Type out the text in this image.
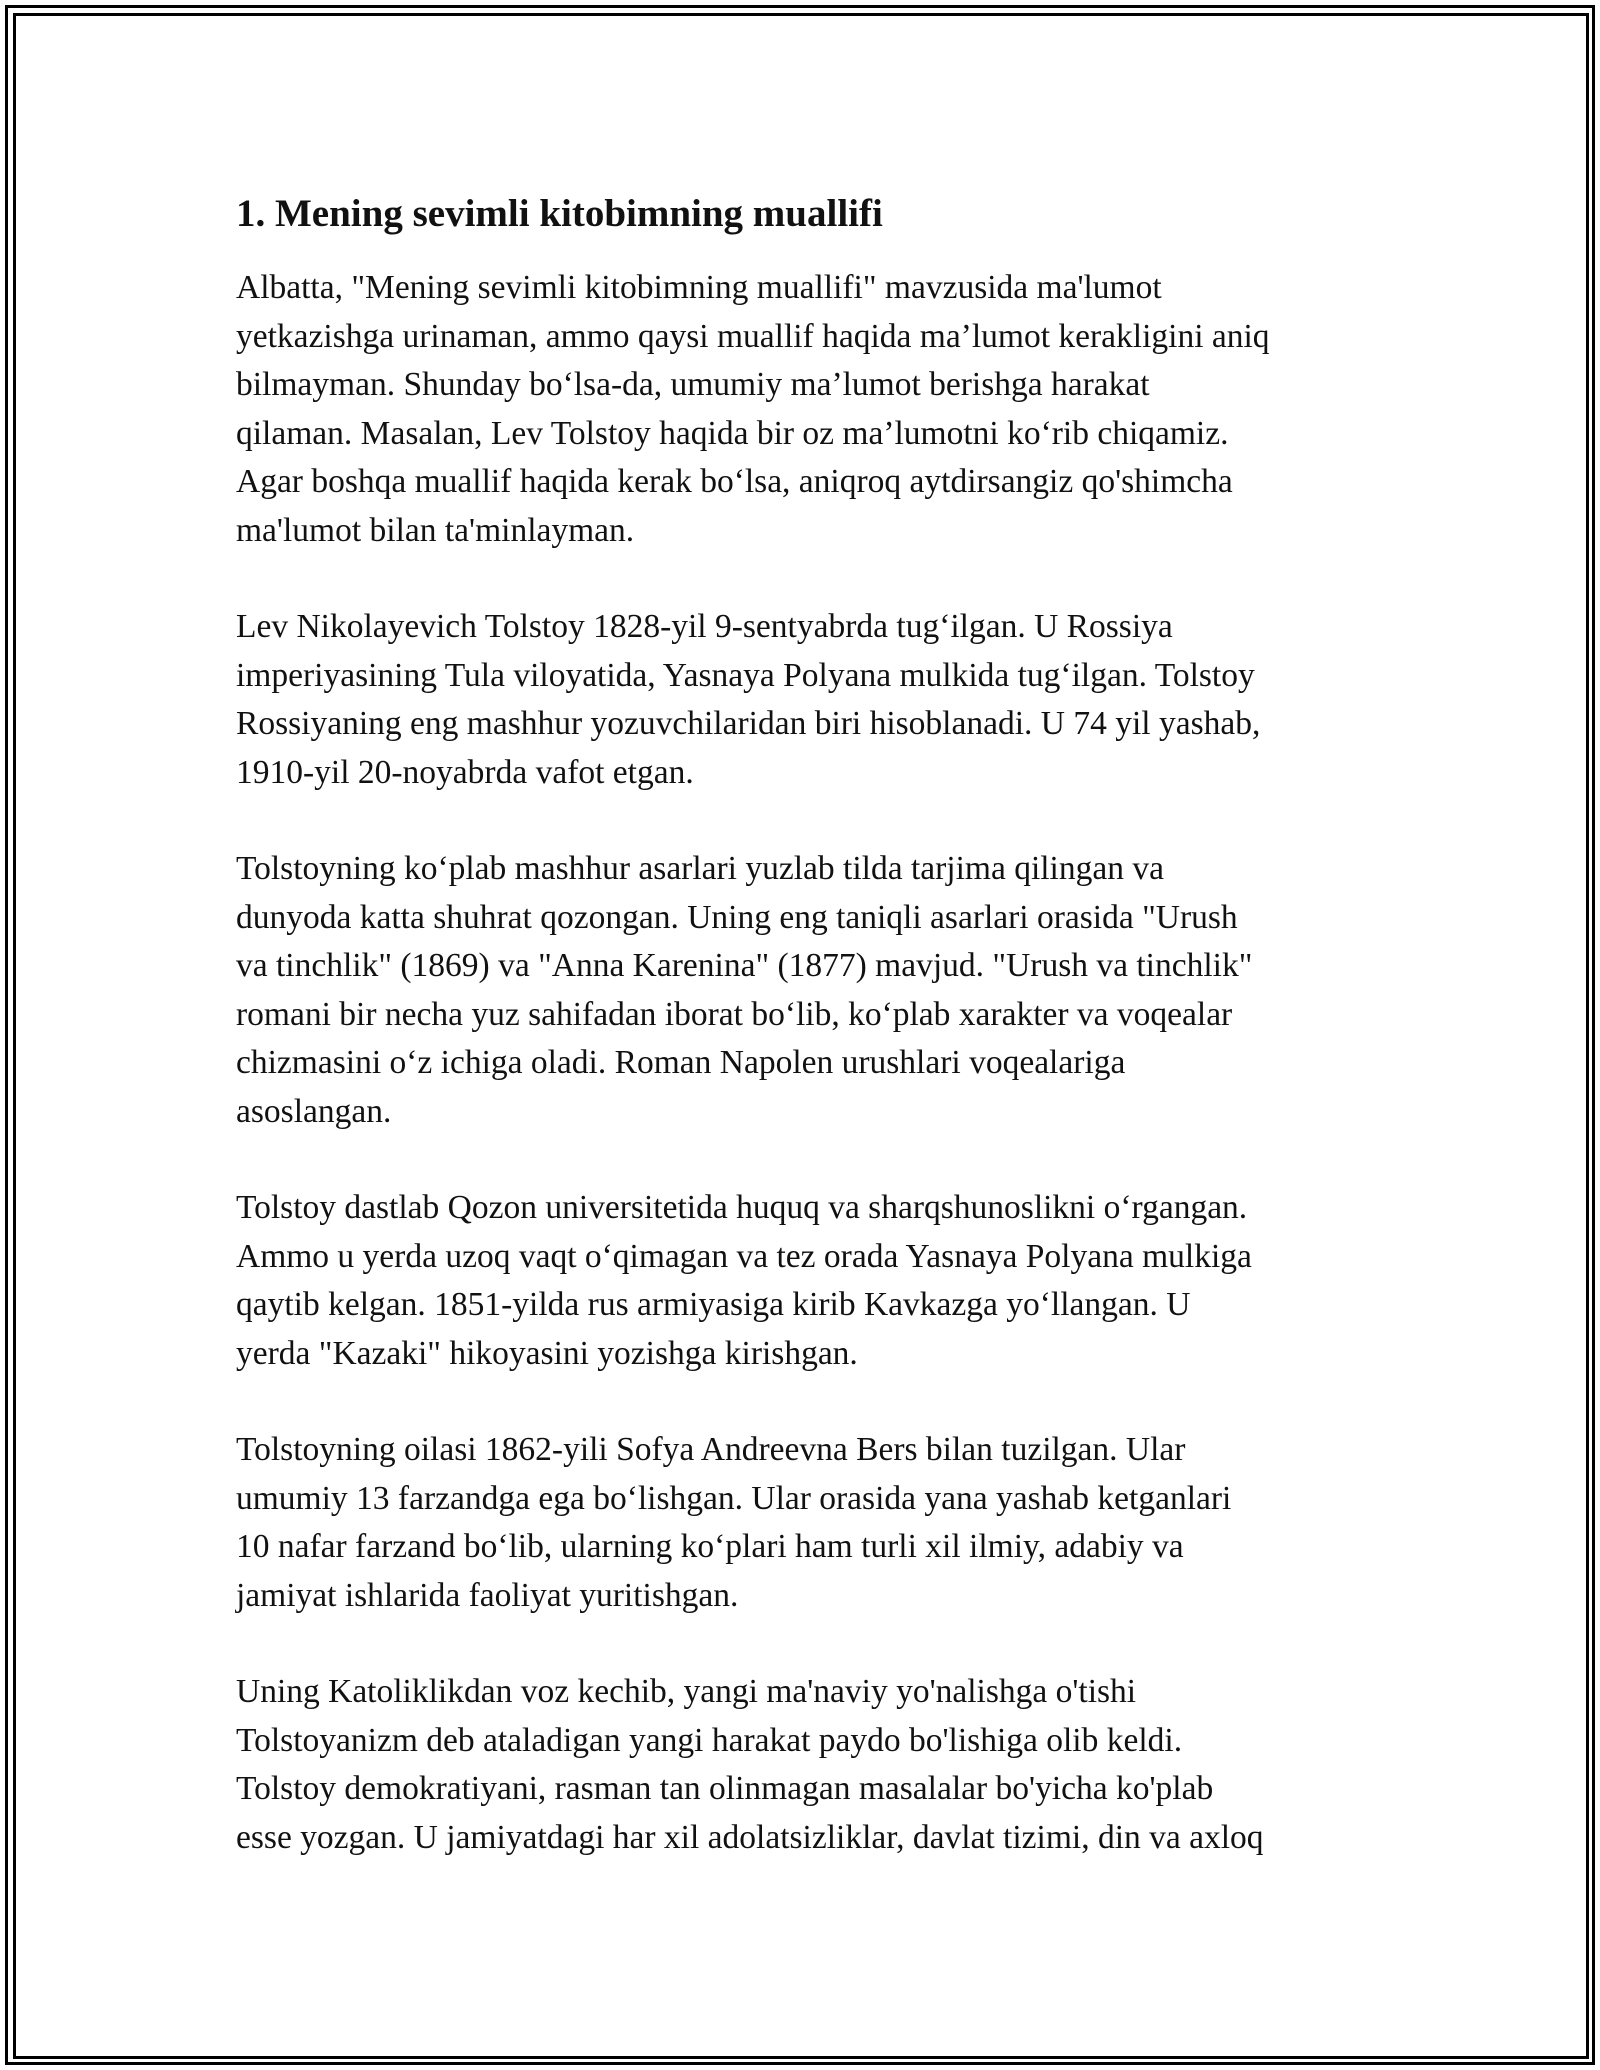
1. Mening sevimli kitobimning muallifi

Albatta, "Mening sevimli kitobimning muallifi" mavzusida ma'lumot
yetkazishga urinaman, ammo qaysi muallif haqida ma’lumot kerakligini aniq
bilmayman. Shunday boʻlsa-da, umumiy ma’lumot berishga harakat
qilaman. Masalan, Lev Tolstoy haqida bir oz ma’lumotni koʻrib chiqamiz.
Agar boshqa muallif haqida kerak boʻlsa, aniqroq aytdirsangiz qo'shimcha
ma'lumot bilan ta'minlayman.

Lev Nikolayevich Tolstoy 1828-yil 9-sentyabrda tugʻilgan. U Rossiya
imperiyasining Tula viloyatida, Yasnaya Polyana mulkida tugʻilgan. Tolstoy
Rossiyaning eng mashhur yozuvchilaridan biri hisoblanadi. U 74 yil yashab,
1910-yil 20-noyabrda vafot etgan.

Tolstoyning koʻplab mashhur asarlari yuzlab tilda tarjima qilingan va
dunyoda katta shuhrat qozongan. Uning eng taniqli asarlari orasida "Urush
va tinchlik" (1869) va "Anna Karenina" (1877) mavjud. "Urush va tinchlik"
romani bir necha yuz sahifadan iborat boʻlib, koʻplab xarakter va voqealar
chizmasini oʻz ichiga oladi. Roman Napolen urushlari voqealariga
asoslangan.

Tolstoy dastlab Qozon universitetida huquq va sharqshunoslikni oʻrgangan.
Ammo u yerda uzoq vaqt oʻqimagan va tez orada Yasnaya Polyana mulkiga
qaytib kelgan. 1851-yilda rus armiyasiga kirib Kavkazga yoʻllangan. U
yerda "Kazaki" hikoyasini yozishga kirishgan.

Tolstoyning oilasi 1862-yili Sofya Andreevna Bers bilan tuzilgan. Ular
umumiy 13 farzandga ega boʻlishgan. Ular orasida yana yashab ketganlari
10 nafar farzand boʻlib, ularning koʻplari ham turli xil ilmiy, adabiy va
jamiyat ishlarida faoliyat yuritishgan.

Uning Katoliklikdan voz kechib, yangi ma'naviy yo'nalishga o'tishi
Tolstoyanizm deb ataladigan yangi harakat paydo bo'lishiga olib keldi.
Tolstoy demokratiyani, rasman tan olinmagan masalalar bo'yicha ko'plab
esse yozgan. U jamiyatdagi har xil adolatsizliklar, davlat tizimi, din va axloq
